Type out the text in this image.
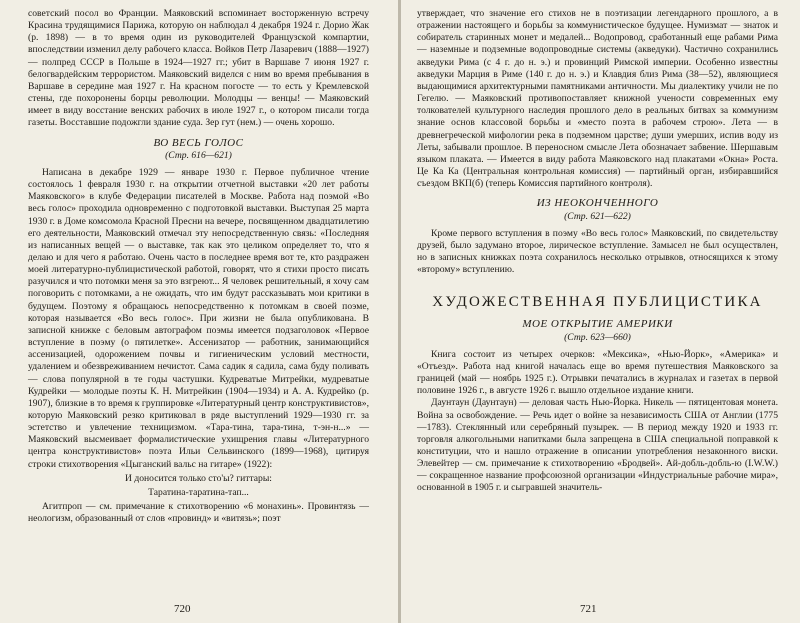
советский посол во Франции. Маяковский вспоминает восторженную встречу Красина трудящимися Парижа, которую он наблюдал 4 декабря 1924 г. Дорио Жак (р. 1898) — в то время один из руководителей Французской компартии, впоследствии изменил делу рабочего класса. Войков Петр Лазаревич (1888—1927) — полпред СССР в Польше в 1924—1927 гг.; убит в Варшаве 7 июня 1927 г. белогвардейским террористом. Маяковский виделся с ним во время пребывания в Варшаве в середине мая 1927 г. На красном погосте — то есть у Кремлевской стены, где похоронены борцы революции. Молодцы — венцы! — Маяковский имеет в виду восстание венских рабочих в июле 1927 г., о котором писали тогда газеты. Восставшие подожгли здание суда. Зер гут (нем.) — очень хорошо.

ВО ВЕСЬ ГОЛОС
(Стр. 616—621)

Написана в декабре 1929 — январе 1930 г. Первое публичное чтение состоялось 1 февраля 1930 г. на открытии отчетной выставки «20 лет работы Маяковского» в клубе Федерации писателей в Москве. Работа над поэмой «Во весь голос» проходила одновременно с подготовкой выставки. Выступая 25 марта 1930 г. в Доме комсомола Красной Пресни на вечере, посвященном двадцатилетию его деятельности, Маяковский отмечал эту непосредственную связь: «Последняя из написанных вещей — о выставке, так как это целиком определяет то, что я делаю и для чего я работаю. Очень часто в последнее время вот те, кто раздражен моей литературно-публицистической работой, говорят, что я стихи просто писать разучился и что потомки меня за это взгреют... Я человек решительный, я хочу сам поговорить с потомками, а не ожидать, что им будут рассказывать мои критики в будущем. Поэтому я обращаюсь непосредственно к потомкам в своей поэме, которая называется «Во весь голос». При жизни не была опубликована. В записной книжке с беловым автографом поэмы имеется подзаголовок «Первое вступление в поэму (о пятилетке». Ассенизатор — работник, занимающийся ассенизацией, одорожением почвы и гигиеническим условий местности, удалением и обезвреживанием нечистот. Сама садик я садила, сама буду поливать — слова популярной в те годы частушки. Кудреватые Митрейки, мудреватые Кудрейки — молодые поэты К. Н. Митрейкин (1904—1934) и А. А. Кудрейко (р. 1907), близкие в то время к группировке «Литературный центр конструктивистов», которую Маяковский резко критиковал в ряде выступлений 1929—1930 гг. за эстетство и увлечение техницизмом. «Тара-тина, тара-тина, т-эн-н...» — Маяковский высмеивает формалистические ухищрения главы «Литературного центра конструктивистов» поэта Ильи Сельвинского (1899—1968), цитируя строки стихотворения «Цыганский вальс на гитаре» (1922):

И доносится только сто'ы? гиттары:
Таратина-таратина-тап...

Агитпроп — см. примечание к стихотворению «6 монахинь». Провинтязь — неологизм, образованный от слов «провинд» и «витязь»; поэт

720

утверждает, что значение его стихов не в поэтизации легендарного прошлого, а в отражении настоящего и борьбы за коммунистическое будущее. Нумизмат — знаток и собиратель старинных монет и медалей... Водопровод, сработанный еще рабами Рима — наземные и подземные водопроводные системы (акведуки). Частично сохранились акведуки Рима (с 4 г. до н. э.) и провинций Римской империи. Особенно известны акведуки Марция в Риме (140 г. до н. э.) и Клавдия близ Рима (38—52), являющиеся выдающимися архитектурными памятниками античности. Мы диалектику учили не по Гегелю. — Маяковский противопоставляет книжной учености современных ему толкователей культурного наследия прошлого дело в реальных битвах за коммунизм знание основ классовой борьбы и «место поэта в рабочем строю». Лета — в древнегреческой мифологии река в подземном царстве; души умерших, испив воду из Леты, забывали прошлое. В переносном смысле Лета обозначает забвение. Шершавым языком плаката. — Имеется в виду работа Маяковского над плакатами «Окна» Роста. Це Ка Ка (Центральная контрольная комиссия) — партийный орган, избиравшийся съездом ВКП(б) (теперь Комиссия партийного контроля).

ИЗ НЕОКОНЧЕННОГО
(Стр. 621—622)

Кроме первого вступления в поэму «Во весь голос» Маяковский, по свидетельству друзей, было задумано второе, лирическое вступление. Замысел не был осуществлен, но в записных книжках поэта сохранилось несколько отрывков, относящихся к этому «второму» вступлению.

ХУДОЖЕСТВЕННАЯ ПУБЛИЦИСТИКА
МОЕ ОТКРЫТИЕ АМЕРИКИ
(Стр. 623—660)

Книга состоит из четырех очерков: «Мексика», «Нью-Йорк», «Америка» и «Отъезд». Работа над книгой началась еще во время путешествия Маяковского за границей (май — ноябрь 1925 г.). Отрывки печатались в журналах и газетах в первой половине 1926 г., в августе 1926 г. вышло отдельное издание книги.

Даунтаун (Даунтаун) — деловая часть Нью-Йорка. Никель — пятицентовая монета. Война за освобождение. — Речь идет о войне за независимость США от Англии (1775—1783). Стеклянный или серебряный пузырек. — В период между 1920 и 1933 гг. торговля алкогольными напитками была запрещена в США специальной поправкой к конституции, что и нашло отражение в описании употребления незаконного виски. Элевейтер — см. примечание к стихотворению «Бродвей». Ай-добль-добль-ю (I.W.W.) — сокращенное название профсоюзной организации «Индустриальные рабочие мира», основанной в 1905 г. и сыгравшей значитель-

721
